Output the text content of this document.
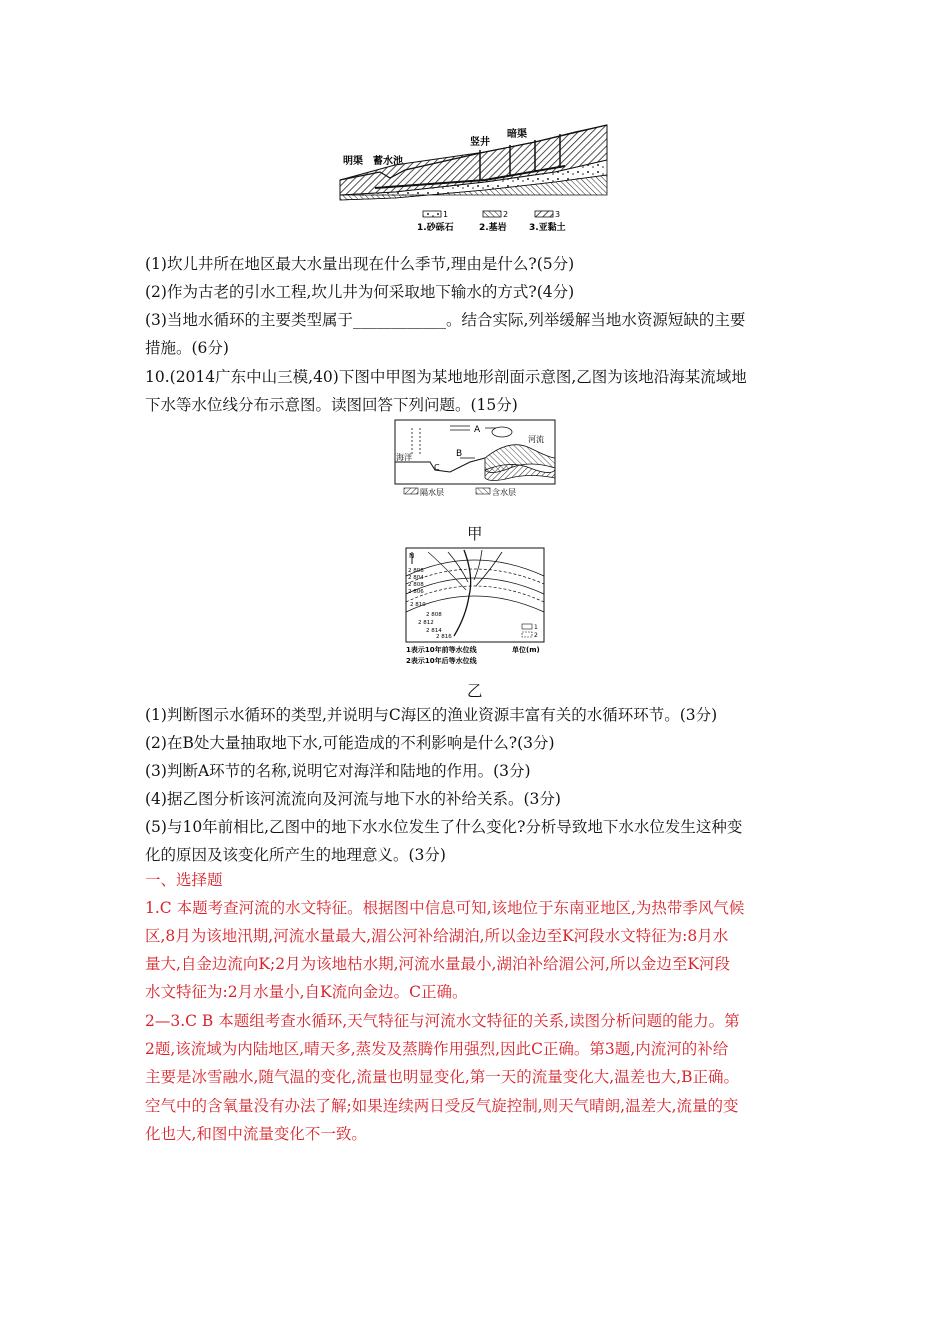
明渠 蓄水池
竖井
暗渠
1	2	3
1.砂砾石	2.基岩 3.亚黏土
(1)坎儿井所在地区最大水量出现在什么季节,理由是什么?(5分)
(2)作为古老的引水工程,坎儿井为何采取地下输水的方式?(4分)
(3)当地水循环的主要类型属于____________。结合实际,列举缓解当地水资源短缺的主要
措施。(6分)
10.(2014广东中山三模,40)下图中甲图为某地地形剖面示意图,乙图为该地沿海某流域地
下水等水位线分布示意图。读图回答下列问题。(15分)
A
B
C
海洋
河流
隔水层	含水层
甲
N
2 806
2 804
2 808
2 806
2 810
2 808
2 812
2 814
2 816
1
2
1表示10年前等水位线
2表示10年后等水位线
单位(m)
乙
(1)判断图示水循环的类型,并说明与C海区的渔业资源丰富有关的水循环环节。(3分)
(2)在B处大量抽取地下水,可能造成的不利影响是什么?(3分)
(3)判断A环节的名称,说明它对海洋和陆地的作用。(3分)
(4)据乙图分析该河流流向及河流与地下水的补给关系。(3分)
(5)与10年前相比,乙图中的地下水水位发生了什么变化?分析导致地下水水位发生这种变
化的原因及该变化所产生的地理意义。(3分)
一、选择题
1.C 本题考查河流的水文特征。根据图中信息可知,该地位于东南亚地区,为热带季风气候
区,8月为该地汛期,河流水量最大,湄公河补给湖泊,所以金边至K河段水文特征为:8月水
量大,自金边流向K;2月为该地枯水期,河流水量最小,湖泊补给湄公河,所以金边至K河段
水文特征为:2月水量小,自K流向金边。C正确。
2—3.C B 本题组考查水循环,天气特征与河流水文特征的关系,读图分析问题的能力。第
2题,该流域为内陆地区,晴天多,蒸发及蒸腾作用强烈,因此C正确。第3题,内流河的补给
主要是冰雪融水,随气温的变化,流量也明显变化,第一天的流量变化大,温差也大,B正确。
空气中的含氧量没有办法了解;如果连续两日受反气旋控制,则天气晴朗,温差大,流量的变
化也大,和图中流量变化不一致。
